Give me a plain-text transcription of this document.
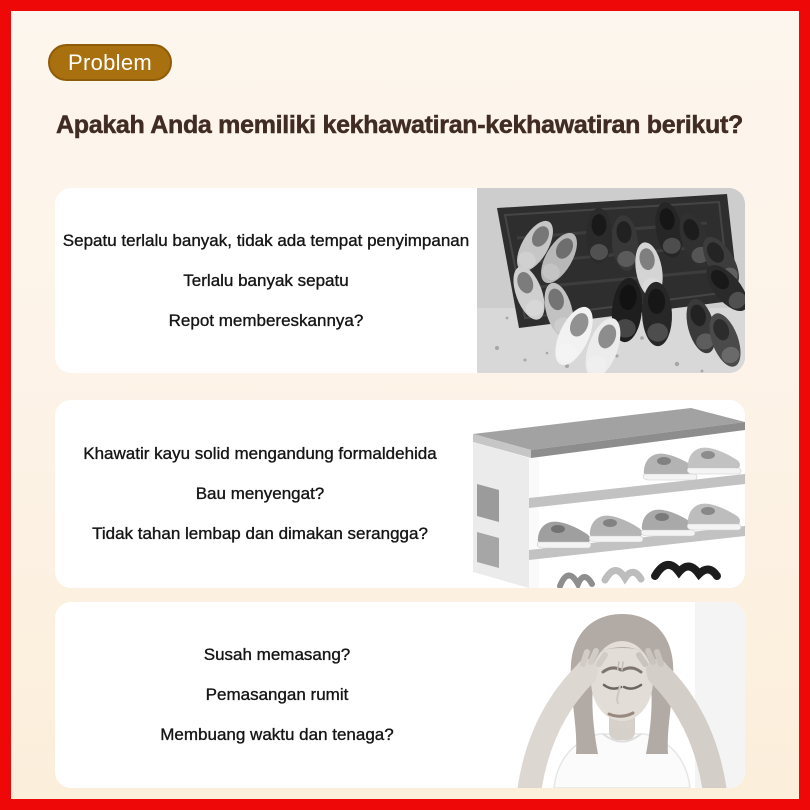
Problem
Apakah Anda memiliki kekhawatiran-kekhawatiran berikut?

Sepatu terlalu banyak, tidak ada tempat penyimpanan

Terlalu banyak sepatu

Repot membereskannya?

Khawatir kayu solid mengandung formaldehida

Bau menyengat?

Tidak tahan lembap dan dimakan serangga?

Susah memasang?

Pemasangan rumit

Membuang waktu dan tenaga?
